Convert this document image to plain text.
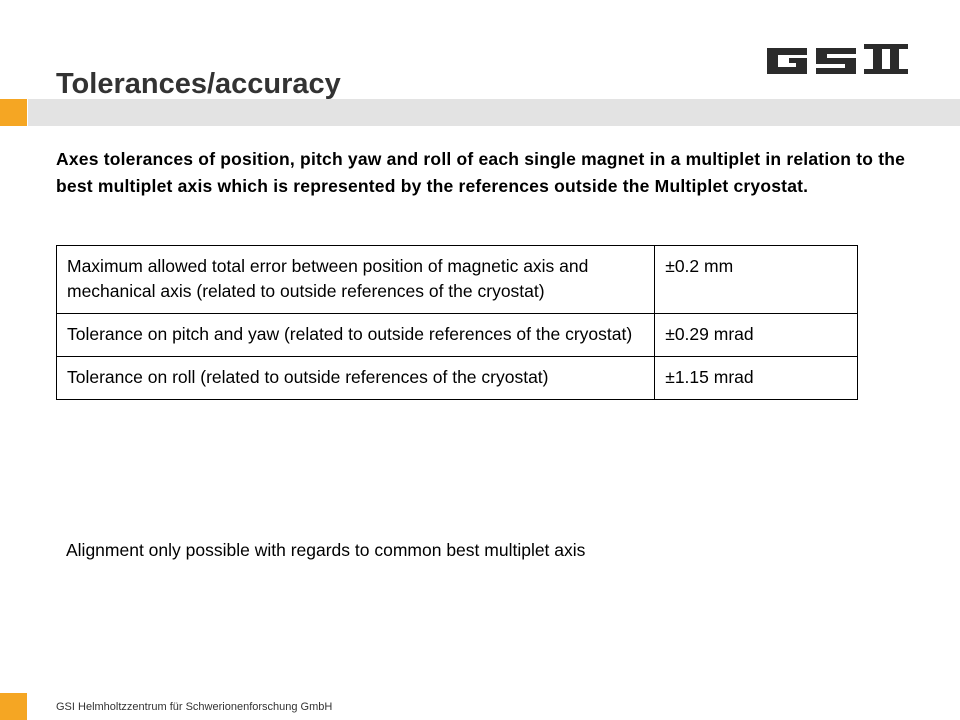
Tolerances/accuracy

Axes tolerances of position, pitch yaw and roll of each single magnet in a multiplet in relation to the best multiplet axis which is represented by the references outside the Multiplet cryostat.

Maximum allowed total error between position of magnetic axis and mechanical axis (related to outside references of the cryostat)	±0.2 mm
Tolerance on pitch and yaw (related to outside references of the cryostat)	±0.29 mrad
Tolerance on roll (related to outside references of the cryostat)	±1.15 mrad

Alignment only possible with regards to common best multiplet axis

GSI Helmholtzzentrum für Schwerionenforschung GmbH
